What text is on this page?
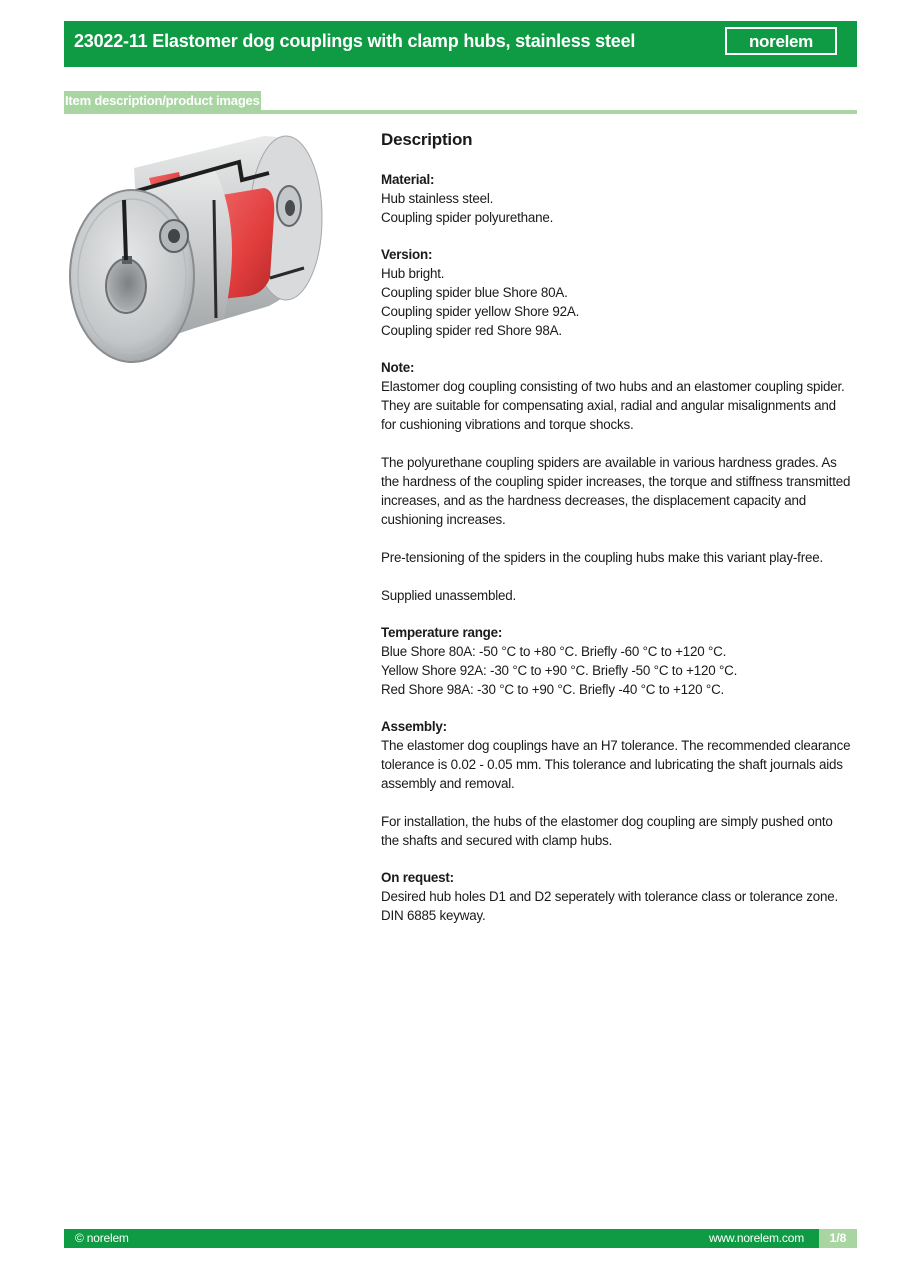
23022-11 Elastomer dog couplings with clamp hubs, stainless steel	norelem
Item description/product images
Description
Material:
Hub stainless steel.
Coupling spider polyurethane.
Version:
Hub bright.
Coupling spider blue Shore 80A.
Coupling spider yellow Shore 92A.
Coupling spider red Shore 98A.
Note:
Elastomer dog coupling consisting of two hubs and an elastomer coupling spider. They are suitable for compensating axial, radial and angular misalignments and for cushioning vibrations and torque shocks.
The polyurethane coupling spiders are available in various hardness grades. As the hardness of the coupling spider increases, the torque and stiffness transmitted increases, and as the hardness decreases, the displacement capacity and cushioning increases.
Pre-tensioning of the spiders in the coupling hubs make this variant play-free.
Supplied unassembled.
Temperature range:
Blue Shore 80A: -50 °C to +80 °C. Briefly -60 °C to +120 °C.
Yellow Shore 92A: -30 °C to +90 °C. Briefly -50 °C to +120 °C.
Red Shore 98A: -30 °C to +90 °C. Briefly -40 °C to +120 °C.
Assembly:
The elastomer dog couplings have an H7 tolerance. The recommended clearance tolerance is 0.02 - 0.05 mm. This tolerance and lubricating the shaft journals aids assembly and removal.
For installation, the hubs of the elastomer dog coupling are simply pushed onto the shafts and secured with clamp hubs.
On request:
Desired hub holes D1 and D2 seperately with tolerance class or tolerance zone.
DIN 6885 keyway.
© norelem	www.norelem.com	1/8
